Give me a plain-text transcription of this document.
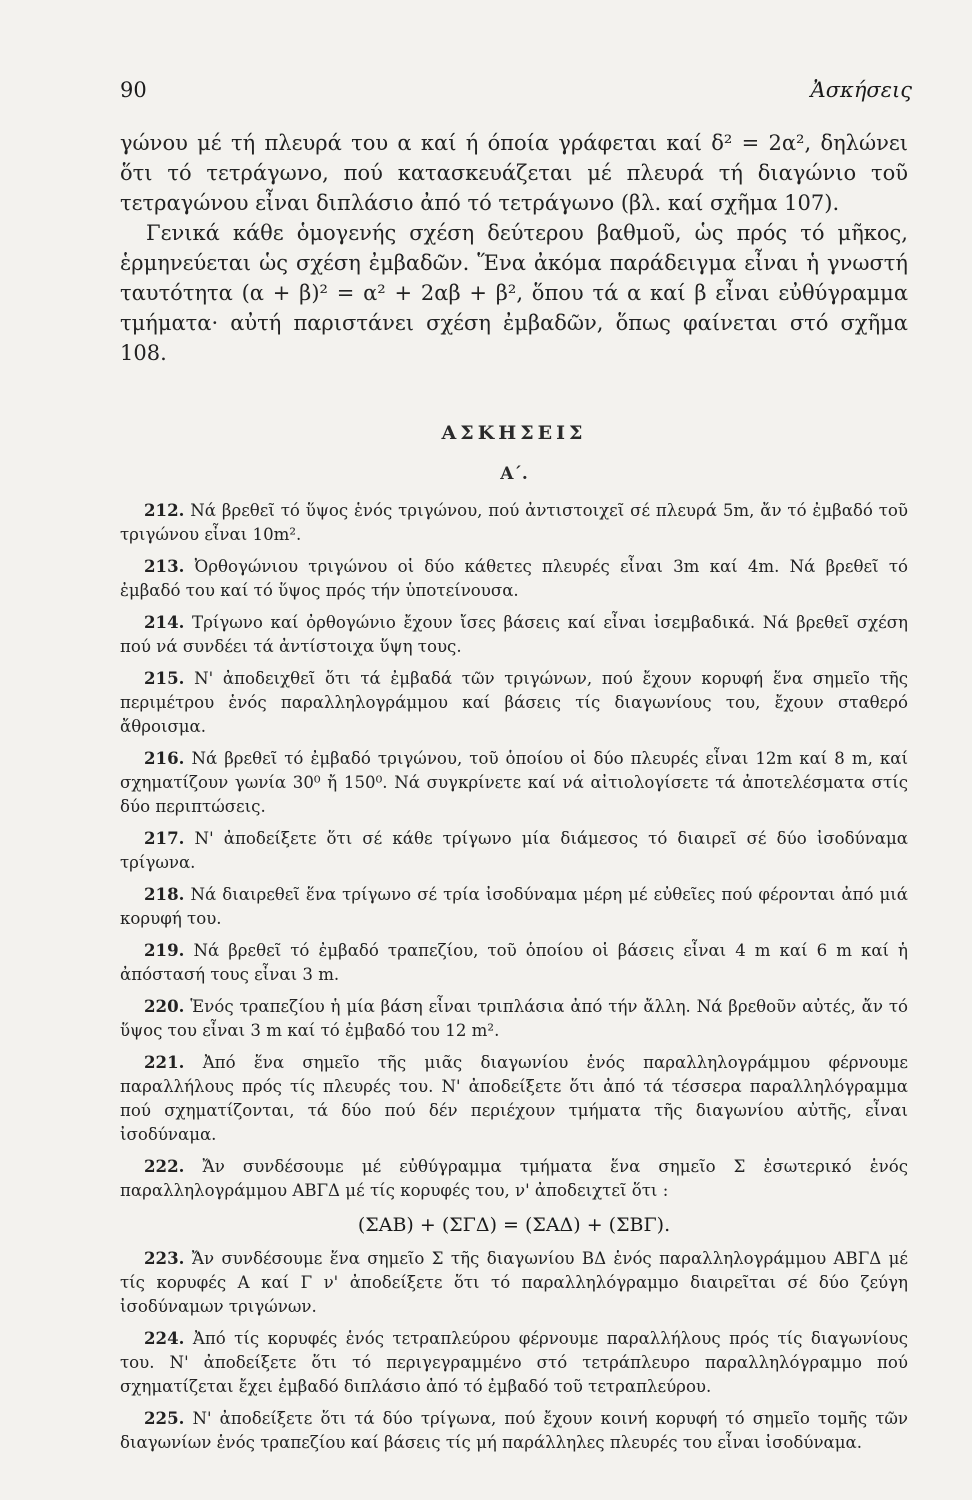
90	Ἀσκήσεις

γώνου μέ τή πλευρά του α καί ή όποία γράφεται καί δ² = 2α², δηλώνει ὅτι τό τετράγωνο, πού κατασκευάζεται μέ πλευρά τή διαγώνιο τοῦ τετραγώνου εἶναι διπλάσιο ἀπό τό τετράγωνο (βλ. καί σχῆμα 107).

Γενικά κάθε ὁμογενής σχέση δεύτερου βαθμοῦ, ὡς πρός τό μῆκος, ἑρμηνεύεται ὡς σχέση ἐμβαδῶν. Ἕνα ἀκόμα παράδειγμα εἶναι ἡ γνωστή ταυτότητα (α + β)² = α² + 2αβ + β², ὅπου τά α καί β εἶναι εὐθύγραμμα τμήματα· αὐτή παριστάνει σχέση ἐμβαδῶν, ὅπως φαίνεται στό σχῆμα 108.

ΑΣΚΗΣΕΙΣ
Α΄.

212. Νά βρεθεῖ τό ὕψος ἑνός τριγώνου, πού ἀντιστοιχεῖ σέ πλευρά 5m, ἄν τό ἐμβαδό τοῦ τριγώνου εἶναι 10m².

213. Ὀρθογώνιου τριγώνου οἱ δύο κάθετες πλευρές εἶναι 3m καί 4m. Νά βρεθεῖ τό ἐμβαδό του καί τό ὕψος πρός τήν ὑποτείνουσα.

214. Τρίγωνο καί ὀρθογώνιο ἔχουν ἴσες βάσεις καί εἶναι ἰσεμβαδικά. Νά βρεθεῖ σχέση πού νά συνδέει τά ἀντίστοιχα ὕψη τους.

215. Ν' ἀποδειχθεῖ ὅτι τά ἐμβαδά τῶν τριγώνων, πού ἔχουν κορυφή ἕνα σημεῖο τῆς περιμέτρου ἑνός παραλληλογράμμου καί βάσεις τίς διαγωνίους του, ἔχουν σταθερό ἄθροισμα.

216. Νά βρεθεῖ τό ἐμβαδό τριγώνου, τοῦ ὁποίου οἱ δύο πλευρές εἶναι 12m καί 8 m, καί σχηματίζουν γωνία 30⁰ ἤ 150⁰. Νά συγκρίνετε καί νά αἰτιολογίσετε τά ἀποτελέσματα στίς δύο περιπτώσεις.

217. Ν' ἀποδείξετε ὅτι σέ κάθε τρίγωνο μία διάμεσος τό διαιρεῖ σέ δύο ἰσοδύναμα τρίγωνα.

218. Νά διαιρεθεῖ ἕνα τρίγωνο σέ τρία ἰσοδύναμα μέρη μέ εὐθεῖες πού φέρονται ἀπό μιά κορυφή του.

219. Νά βρεθεῖ τό ἐμβαδό τραπεζίου, τοῦ ὁποίου οἱ βάσεις εἶναι 4 m καί 6 m καί ἡ ἀπόστασή τους εἶναι 3 m.

220. Ἑνός τραπεζίου ἡ μία βάση εἶναι τριπλάσια ἀπό τήν ἄλλη. Νά βρεθοῦν αὐτές, ἄν τό ὕψος του εἶναι 3 m καί τό ἐμβαδό του 12 m².

221. Ἀπό ἕνα σημεῖο τῆς μιᾶς διαγωνίου ἑνός παραλληλογράμμου φέρνουμε παραλλήλους πρός τίς πλευρές του. Ν' ἀποδείξετε ὅτι ἀπό τά τέσσερα παραλληλόγραμμα πού σχηματίζονται, τά δύο πού δέν περιέχουν τμήματα τῆς διαγωνίου αὐτῆς, εἶναι ἰσοδύναμα.

222. Ἄν συνδέσουμε μέ εὐθύγραμμα τμήματα ἕνα σημεῖο Σ ἐσωτερικό ἑνός παραλληλογράμμου ΑΒΓΔ μέ τίς κορυφές του, ν' ἀποδειχτεῖ ὅτι :

(ΣΑΒ) + (ΣΓΔ) = (ΣΑΔ) + (ΣΒΓ).

223. Ἄν συνδέσουμε ἕνα σημεῖο Σ τῆς διαγωνίου ΒΔ ἑνός παραλληλογράμμου ΑΒΓΔ μέ τίς κορυφές Α καί Γ ν' ἀποδείξετε ὅτι τό παραλληλόγραμμο διαιρεῖται σέ δύο ζεύγη ἰσοδύναμων τριγώνων.

224. Ἀπό τίς κορυφές ἑνός τετραπλεύρου φέρνουμε παραλλήλους πρός τίς διαγωνίους του. Ν' ἀποδείξετε ὅτι τό περιγεγραμμένο στό τετράπλευρο παραλληλόγραμμο πού σχηματίζεται ἔχει ἐμβαδό διπλάσιο ἀπό τό ἐμβαδό τοῦ τετραπλεύρου.

225. Ν' ἀποδείξετε ὅτι τά δύο τρίγωνα, πού ἔχουν κοινή κορυφή τό σημεῖο τομῆς τῶν διαγωνίων ἑνός τραπεζίου καί βάσεις τίς μή παράλληλες πλευρές του εἶναι ἰσοδύναμα.
